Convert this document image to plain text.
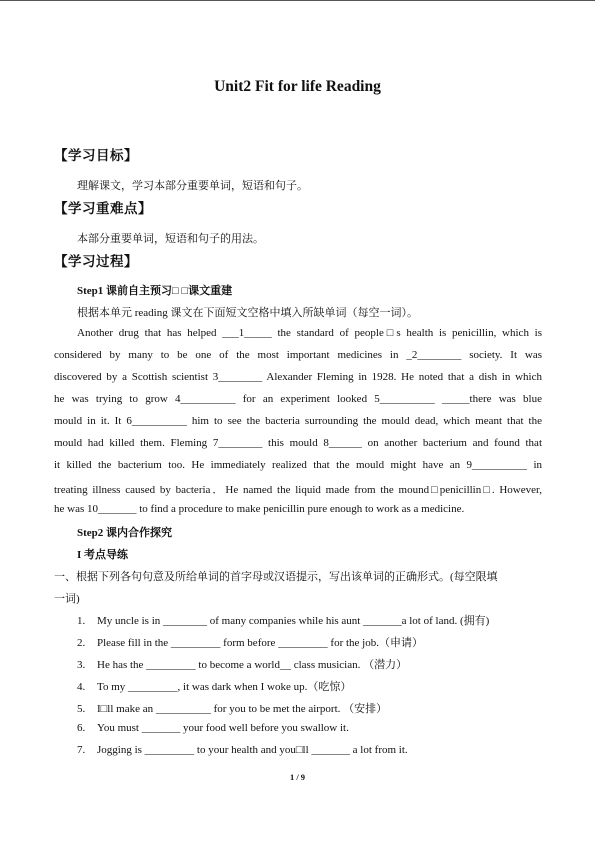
Unit2 Fit for life Reading
【学习目标】
理解课文，学习本部分重要单词，短语和句子。
【学习重难点】
本部分重要单词，短语和句子的用法。
【学习过程】
Step1 课前自主预习□ □课文重建
根据本单元 reading 课文在下面短文空格中填入所缺单词（每空一词）。
Another drug that has helped ___1_____ the standard of people□s health is penicillin, which is
considered by many to be one of the most important medicines in _2________ society. It was
discovered by a Scottish scientist 3________ Alexander Fleming in 1928. He noted that a dish in which
he was trying to grow 4__________ for an experiment looked 5__________ _____there was blue
mould in it. It 6__________ him to see the bacteria surrounding the mould dead, which meant that the
mould had killed them. Fleming 7________ this mould 8______ on another bacterium and found that
it killed the bacterium too. He immediately realized that the mould might have an 9__________ in
treating illness caused by bacteria．He named the liquid made from the mound□penicillin□. However,
he was 10_______ to find a procedure to make penicillin pure enough to work as a medicine.
Step2 课内合作探究
I 考点导练
一、根据下列各句句意及所给单词的首字母或汉语提示，写出该单词的正确形式。(每空限填
一词)
1. My uncle is in ________ of many companies while his aunt _______a lot of land. (拥有)
2. Please fill in the _________ form before _________ for the job.（申请）
3. He has the _________ to become a world__ class musician. （潜力）
4. To my _________, it was dark when I woke up.（吃惊）
5. I□ll make an __________ for you to be met the airport. （安排）
6. You must _______ your food well before you swallow it.
7. Jogging is _________ to your health and you□ll _______ a lot from it.
1 / 9
